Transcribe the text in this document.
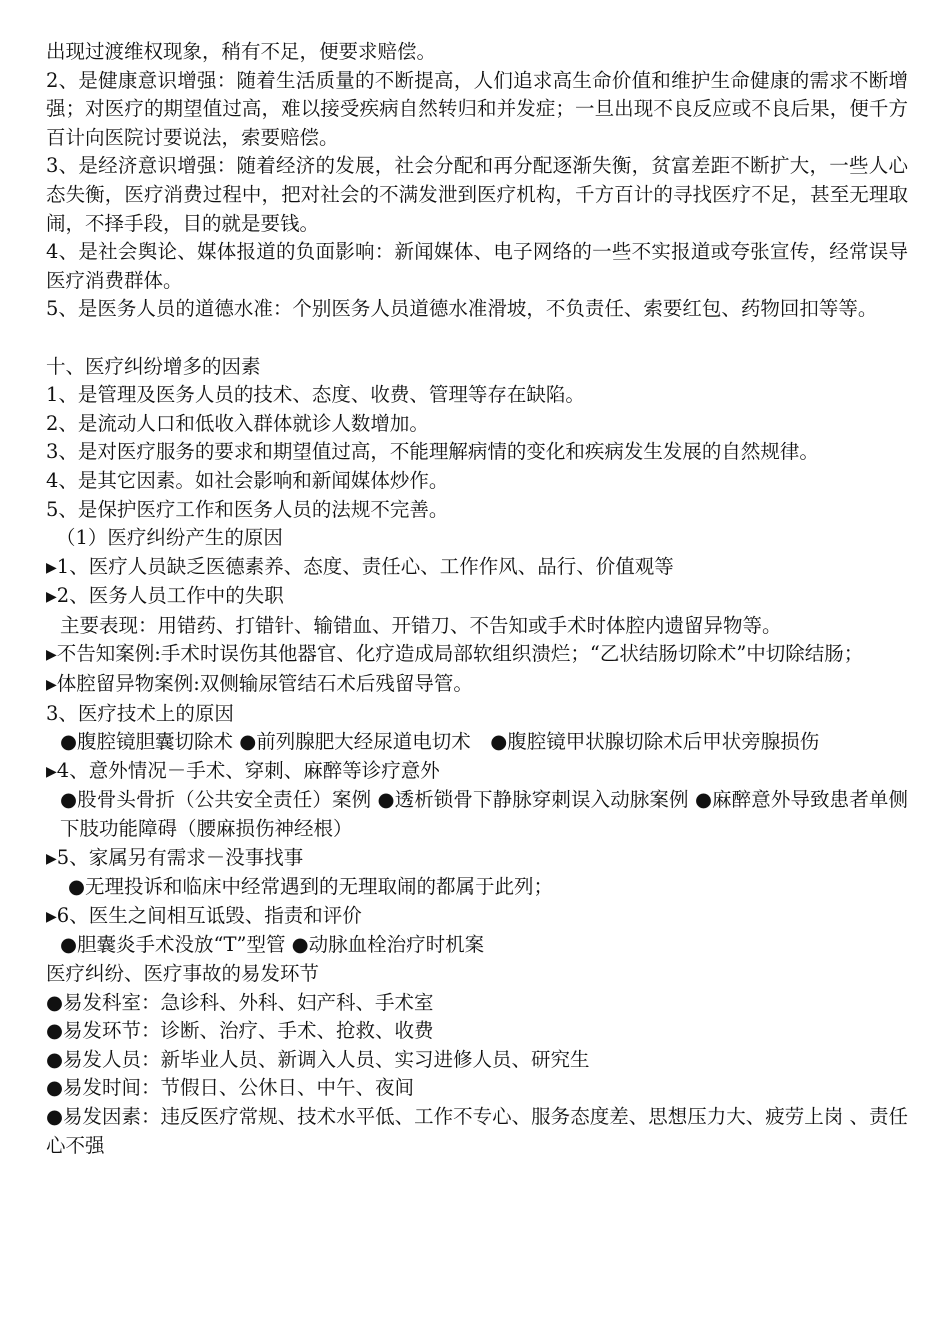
出现过渡维权现象，稍有不足，便要求赔偿。

2、是健康意识增强：随着生活质量的不断提高，人们追求高生命价值和维护生命健康的需求不断增强；对医疗的期望值过高，难以接受疾病自然转归和并发症；一旦出现不良反应或不良后果，便千方百计向医院讨要说法，索要赔偿。

3、是经济意识增强：随着经济的发展，社会分配和再分配逐渐失衡，贫富差距不断扩大，一些人心态失衡，医疗消费过程中，把对社会的不满发泄到医疗机构，千方百计的寻找医疗不足，甚至无理取闹，不择手段，目的就是要钱。

4、是社会舆论、媒体报道的负面影响：新闻媒体、电子网络的一些不实报道或夸张宣传，经常误导医疗消费群体。

5、是医务人员的道德水准：个别医务人员道德水准滑坡，不负责任、索要红包、药物回扣等等。

十、医疗纠纷增多的因素

1、是管理及医务人员的技术、态度、收费、管理等存在缺陷。

2、是流动人口和低收入群体就诊人数增加。

3、是对医疗服务的要求和期望值过高，不能理解病情的变化和疾病发生发展的自然规律。

4、是其它因素。如社会影响和新闻媒体炒作。

5、是保护医疗工作和医务人员的法规不完善。

（1）医疗纠纷产生的原因

▶1、医疗人员缺乏医德素养、态度、责任心、工作作风、品行、价值观等

▶2、医务人员工作中的失职

主要表现：用错药、打错针、输错血、开错刀、不告知或手术时体腔内遗留异物等。

▶不告知案例:手术时误伤其他器官、化疗造成局部软组织溃烂；“乙状结肠切除术”中切除结肠；

▶体腔留异物案例:双侧输尿管结石术后残留导管。

3、医疗技术上的原因

●腹腔镜胆囊切除术 ●前列腺肥大经尿道电切术　●腹腔镜甲状腺切除术后甲状旁腺损伤

▶4、意外情况－手术、穿刺、麻醉等诊疗意外

●股骨头骨折（公共安全责任）案例 ●透析锁骨下静脉穿刺误入动脉案例 ●麻醉意外导致患者单侧下肢功能障碍（腰麻损伤神经根）

▶5、家属另有需求－没事找事

●无理投诉和临床中经常遇到的无理取闹的都属于此列；

▶6、医生之间相互诋毁、指责和评价

●胆囊炎手术没放“T”型管 ●动脉血栓治疗时机案

医疗纠纷、医疗事故的易发环节

●易发科室：急诊科、外科、妇产科、手术室

●易发环节：诊断、治疗、手术、抢救、收费

●易发人员：新毕业人员、新调入人员、实习进修人员、研究生

●易发时间：节假日、公休日、中午、夜间

●易发因素：违反医疗常规、技术水平低、工作不专心、服务态度差、思想压力大、疲劳上岗 、责任心不强
